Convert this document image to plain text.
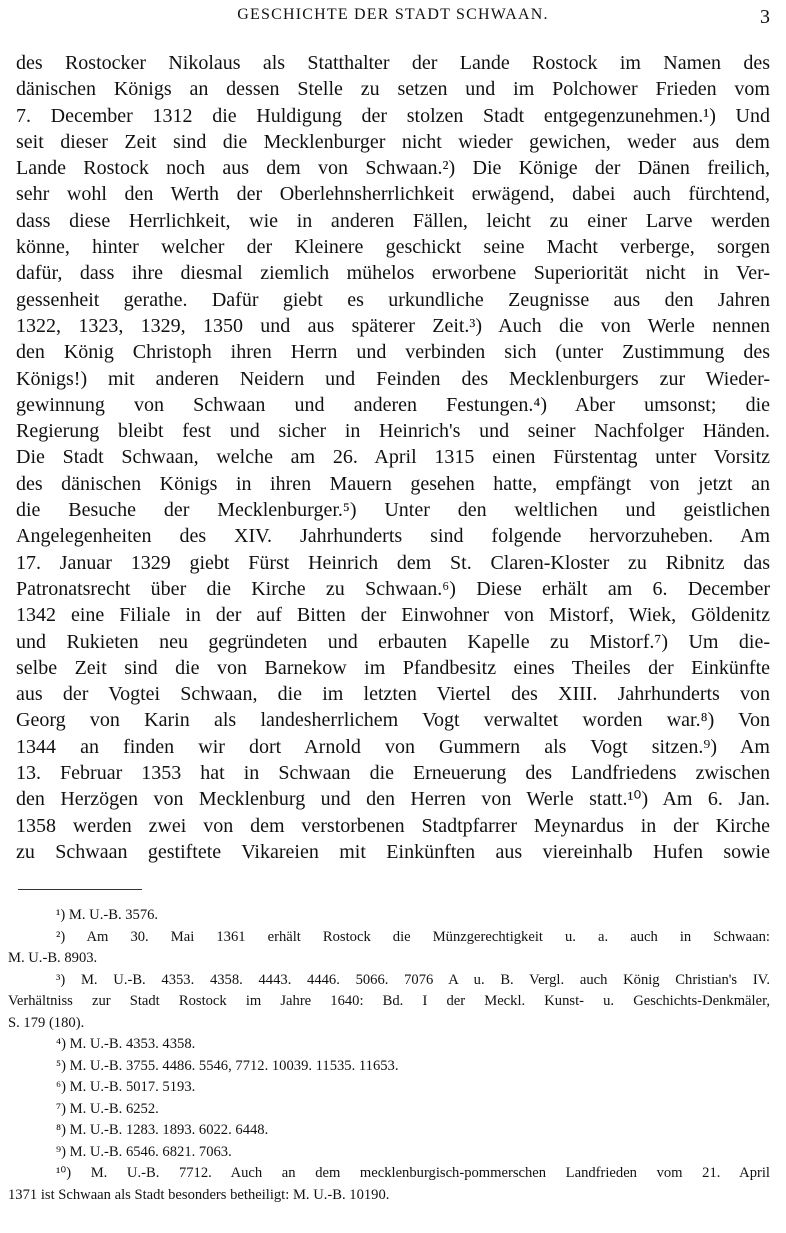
GESCHICHTE DER STADT SCHWAAN.	3
des Rostocker Nikolaus als Statthalter der Lande Rostock im Namen des
dänischen Königs an dessen Stelle zu setzen und im Polchower Frieden vom
7. December 1312 die Huldigung der stolzen Stadt entgegenzunehmen.¹) Und
seit dieser Zeit sind die Mecklenburger nicht wieder gewichen, weder aus dem
Lande Rostock noch aus dem von Schwaan.²) Die Könige der Dänen freilich,
sehr wohl den Werth der Oberlehnsherrlichkeit erwägend, dabei auch fürchtend,
dass diese Herrlichkeit, wie in anderen Fällen, leicht zu einer Larve werden
könne, hinter welcher der Kleinere geschickt seine Macht verberge, sorgen
dafür, dass ihre diesmal ziemlich mühelos erworbene Superiorität nicht in Ver-
gessenheit gerathe. Dafür giebt es urkundliche Zeugnisse aus den Jahren
1322, 1323, 1329, 1350 und aus späterer Zeit.³) Auch die von Werle nennen
den König Christoph ihren Herrn und verbinden sich (unter Zustimmung des
Königs!) mit anderen Neidern und Feinden des Mecklenburgers zur Wieder-
gewinnung von Schwaan und anderen Festungen.⁴) Aber umsonst; die
Regierung bleibt fest und sicher in Heinrich's und seiner Nachfolger Händen.
Die Stadt Schwaan, welche am 26. April 1315 einen Fürstentag unter Vorsitz
des dänischen Königs in ihren Mauern gesehen hatte, empfängt von jetzt an
die Besuche der Mecklenburger.⁵) Unter den weltlichen und geistlichen
Angelegenheiten des XIV. Jahrhunderts sind folgende hervorzuheben. Am
17. Januar 1329 giebt Fürst Heinrich dem St. Claren-Kloster zu Ribnitz das
Patronatsrecht über die Kirche zu Schwaan.⁶) Diese erhält am 6. December
1342 eine Filiale in der auf Bitten der Einwohner von Mistorf, Wiek, Göldenitz
und Rukieten neu gegründeten und erbauten Kapelle zu Mistorf.⁷) Um die-
selbe Zeit sind die von Barnekow im Pfandbesitz eines Theiles der Einkünfte
aus der Vogtei Schwaan, die im letzten Viertel des XIII. Jahrhunderts von
Georg von Karin als landesherrlichem Vogt verwaltet worden war.⁸) Von
1344 an finden wir dort Arnold von Gummern als Vogt sitzen.⁹) Am
13. Februar 1353 hat in Schwaan die Erneuerung des Landfriedens zwischen
den Herzögen von Mecklenburg und den Herren von Werle statt.¹⁰) Am 6. Jan.
1358 werden zwei von dem verstorbenen Stadtpfarrer Meynardus in der Kirche
zu Schwaan gestiftete Vikareien mit Einkünften aus viereinhalb Hufen sowie
¹) M. U.-B. 3576.
²) Am 30. Mai 1361 erhält Rostock die Münzgerechtigkeit u. a. auch in Schwaan:
M. U.-B. 8903.
³) M. U.-B. 4353. 4358. 4443. 4446. 5066. 7076 A u. B. Vergl. auch König Christian's IV.
Verhältniss zur Stadt Rostock im Jahre 1640: Bd. I der Meckl. Kunst- u. Geschichts-Denkmäler,
S. 179 (180).
⁴) M. U.-B. 4353. 4358.
⁵) M. U.-B. 3755. 4486. 5546, 7712. 10039. 11535. 11653.
⁶) M. U.-B. 5017. 5193.
⁷) M. U.-B. 6252.
⁸) M. U.-B. 1283. 1893. 6022. 6448.
⁹) M. U.-B. 6546. 6821. 7063.
¹⁰) M. U.-B. 7712. Auch an dem mecklenburgisch-pommerschen Landfrieden vom 21. April
1371 ist Schwaan als Stadt besonders betheiligt: M. U.-B. 10190.
